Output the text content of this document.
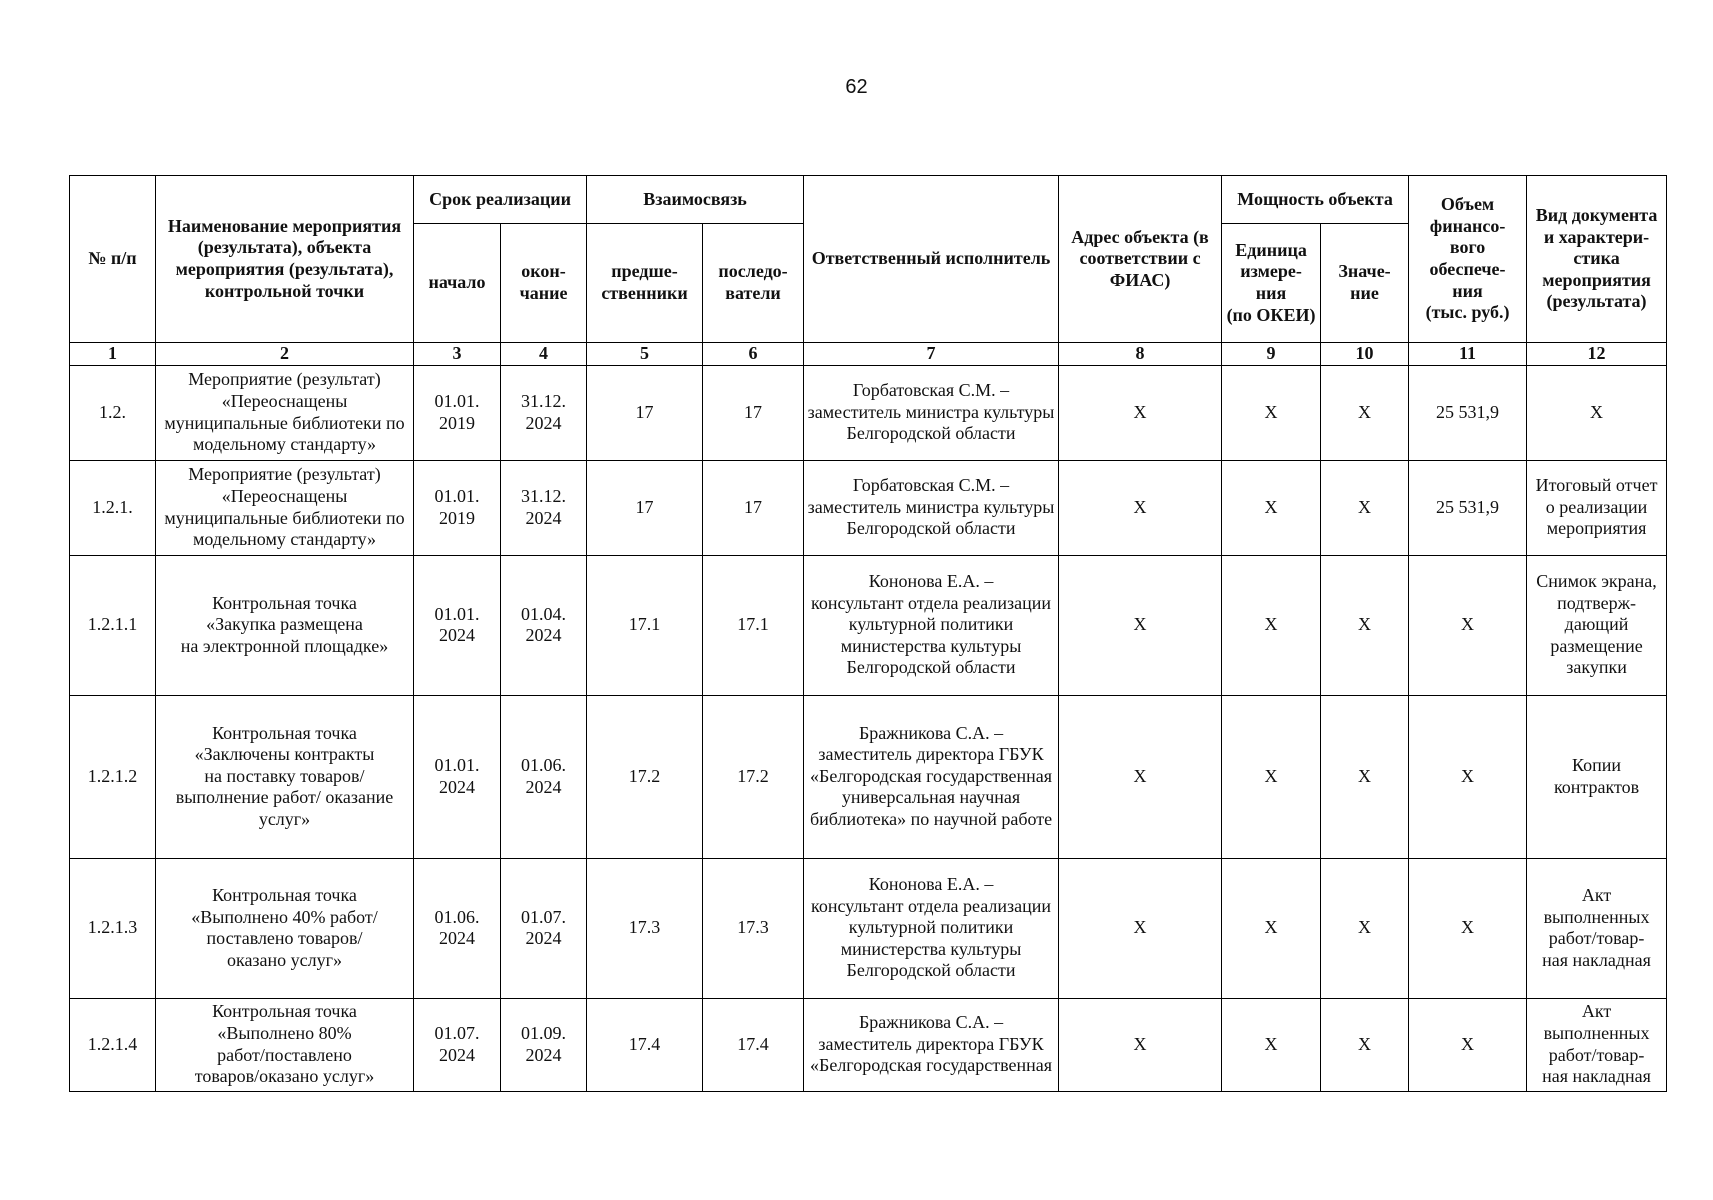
62
№ п/п	Наименование мероприятия (результата), объекта мероприятия (результата), контрольной точки	Срок реализации		Взаимосвязь		Ответственный исполнитель	Адрес объекта (в соответствии с ФИАС)	Мощность объекта		Объем финансо-
вого обеспече-
ния
(тыс. руб.)	Вид документа и характери-
стика мероприятия (результата)
		начало	окон-
чание	предше-
ственники	последо-
ватели			Единица измере-
ния
(по ОКЕИ)	Значе-
ние		
1	2	3	4	5	6	7	8	9	10	11	12
1.2.	Мероприятие (результат) «Переоснащены муниципальные библиотеки по модельному стандарту»	01.01.
2019	31.12.
2024	17	17	Горбатовская С.М. –
заместитель министра культуры Белгородской области	X	X	X	25 531,9	X
1.2.1.	Мероприятие (результат) «Переоснащены муниципальные библиотеки по модельному стандарту»	01.01.
2019	31.12.
2024	17	17	Горбатовская С.М. –
заместитель министра культуры Белгородской области	X	X	X	25 531,9	Итоговый отчет
о реализации мероприятия
1.2.1.1	Контрольная точка
«Закупка размещена
на электронной площадке»	01.01.
2024	01.04.
2024	17.1	17.1	Кононова Е.А. –
консультант отдела реализации культурной политики министерства культуры Белгородской области	X	X	X	X	Снимок экрана, подтверж-
дающий размещение закупки
1.2.1.2	Контрольная точка
«Заключены контракты
на поставку товаров/
выполнение работ/ оказание услуг»	01.01.
2024	01.06.
2024	17.2	17.2	Бражникова С.А. –
заместитель директора ГБУК «Белгородская государственная универсальная научная библиотека» по научной работе	X	X	X	X	Копии контрактов
1.2.1.3	Контрольная точка
«Выполнено 40% работ/
поставлено товаров/
оказано услуг»	01.06.
2024	01.07.
2024	17.3	17.3	Кононова Е.А. –
консультант отдела реализации культурной политики министерства культуры Белгородской области	X	X	X	X	Акт выполненных работ/товар-
ная накладная
1.2.1.4	Контрольная точка
«Выполнено 80%
работ/поставлено
товаров/оказано услуг»	01.07.
2024	01.09.
2024	17.4	17.4	Бражникова С.А. –
заместитель директора ГБУК «Белгородская государственная	X	X	X	X	Акт выполненных работ/товар-
ная накладная
